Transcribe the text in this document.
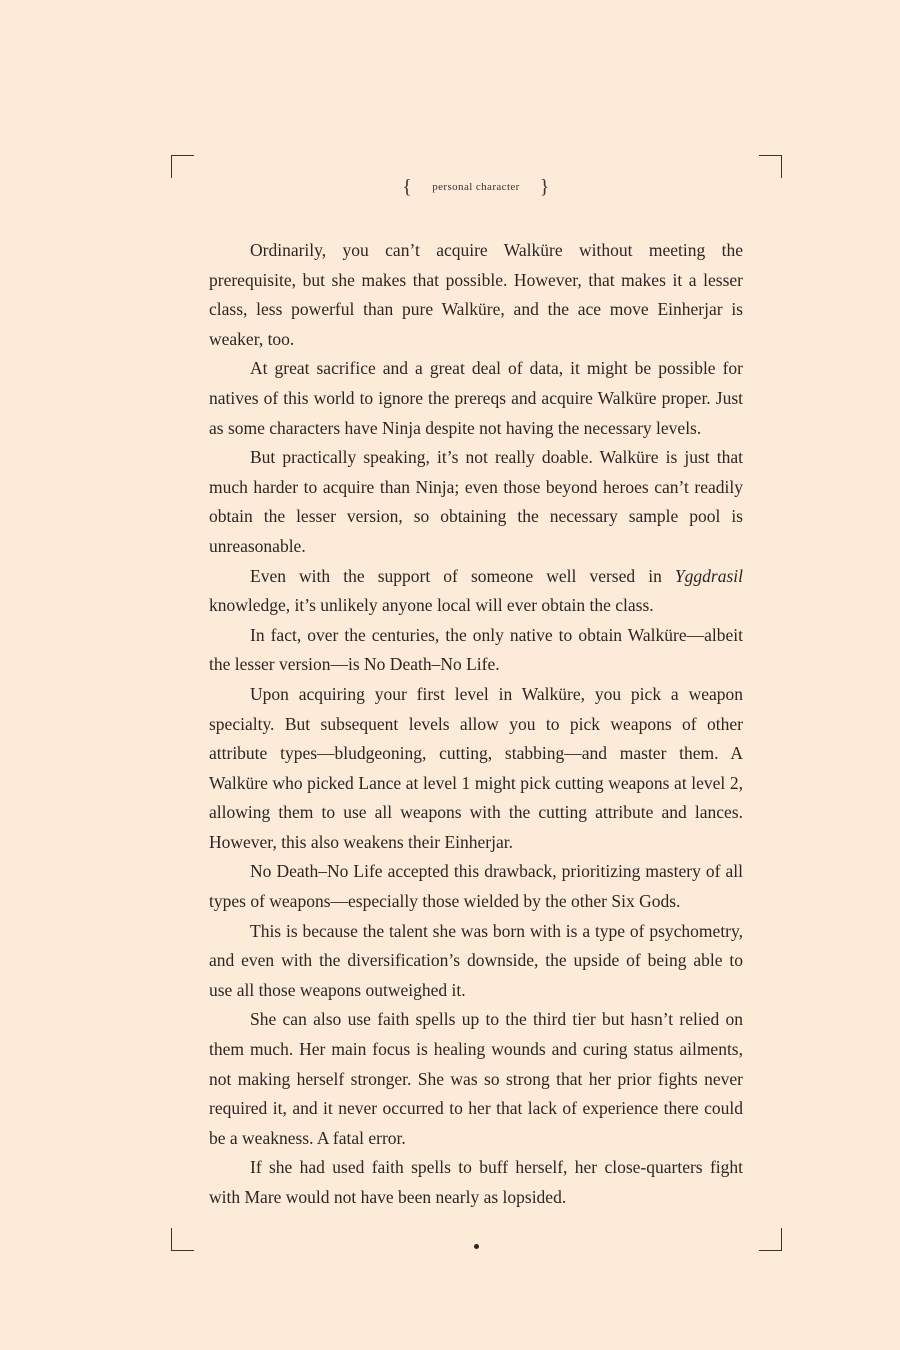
{ personal character }

Ordinarily, you can’t acquire Walküre without meeting the prerequisite, but she makes that possible. However, that makes it a lesser class, less powerful than pure Walküre, and the ace move Einherjar is weaker, too.

At great sacrifice and a great deal of data, it might be possible for natives of this world to ignore the prereqs and acquire Walküre proper. Just as some characters have Ninja despite not having the necessary levels.

But practically speaking, it’s not really doable. Walküre is just that much harder to acquire than Ninja; even those beyond heroes can’t readily obtain the lesser version, so obtaining the necessary sample pool is unreasonable.

Even with the support of someone well versed in Yggdrasil knowledge, it’s unlikely anyone local will ever obtain the class.

In fact, over the centuries, the only native to obtain Walküre—albeit the lesser version—is No Death–No Life.

Upon acquiring your first level in Walküre, you pick a weapon specialty. But subsequent levels allow you to pick weapons of other attribute types—bludgeoning, cutting, stabbing—and master them. A Walküre who picked Lance at level 1 might pick cutting weapons at level 2, allowing them to use all weapons with the cutting attribute and lances. However, this also weakens their Einherjar.

No Death–No Life accepted this drawback, prioritizing mastery of all types of weapons—especially those wielded by the other Six Gods.

This is because the talent she was born with is a type of psychometry, and even with the diversification’s downside, the upside of being able to use all those weapons outweighed it.

She can also use faith spells up to the third tier but hasn’t relied on them much. Her main focus is healing wounds and curing status ailments, not making herself stronger. She was so strong that her prior fights never required it, and it never occurred to her that lack of experience there could be a weakness. A fatal error.

If she had used faith spells to buff herself, her close-quarters fight with Mare would not have been nearly as lopsided.
